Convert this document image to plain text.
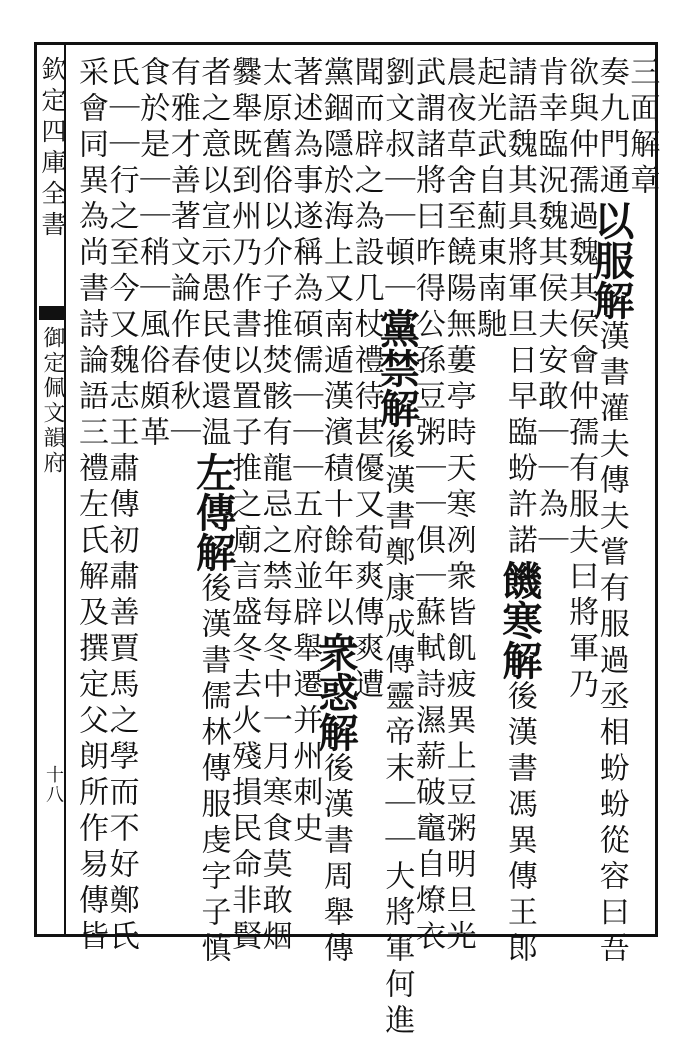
欽定四庫全書
御定佩文韻府
十八
三面解章
奏九門通以服解漢書灌夫傳夫嘗有服過丞相蚡蚡從容曰吾
欲與仲孺過魏其侯會仲孺有服夫曰將軍乃
肯幸臨況魏其侯夫安敢｜｜為｜
請語魏其具將軍旦日早臨蚡許諾饑寒解後漢書馮異傳王郎
起光武自薊東南馳
晨夜草舍至饒陽無蔞亭時天寒冽衆皆飢疲異上豆粥明旦光
武謂諸將曰昨得公孫豆粥｜｜俱｜蘇軾詩濕薪破竈自燎衣
劉文叔｜｜頓｜黨禁解後漢書鄭康成傳靈帝末｜｜大將軍何進
聞而辟之為設几杖禮待甚優又荀爽傳爽遭
黨錮隱於海上又南遁漢濱積十餘年以衆惑解後漢書周舉傳
著述為事遂稱為碩儒｜｜｜五府並辟舉遷并州刺史
太原舊俗以介子推焚骸有龍忌之禁每冬中一月寒食莫敢烟
爨舉既到州乃作書以置子推之廟言盛冬去火殘損民命非賢
者之意以宣示愚民使還温左傳解後漢書儒林傳服虔字子慎
有雅才善著文論作春秋｜
食於是｜｜稍｜風俗頗革
氏｜｜行之至今又魏志王肅傳初肅善賈馬之學而不好鄭氏
采會同異為尚書詩論語三禮左氏解及撰定父朗所作易傳皆
